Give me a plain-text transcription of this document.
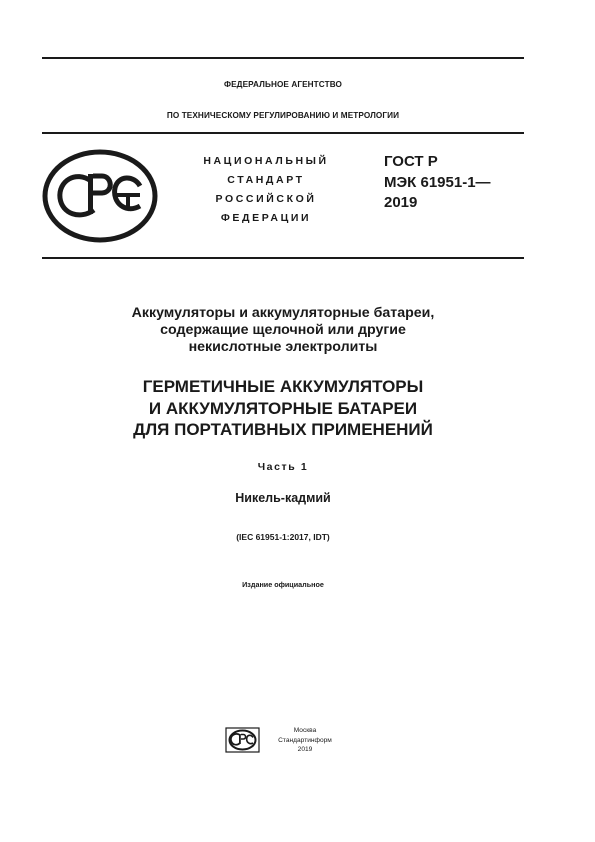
ФЕДЕРАЛЬНОЕ АГЕНТСТВО
ПО ТЕХНИЧЕСКОМУ РЕГУЛИРОВАНИЮ И МЕТРОЛОГИИ
НАЦИОНАЛЬНЫЙ
СТАНДАРТ
РОССИЙСКОЙ
ФЕДЕРАЦИИ
ГОСТ Р
МЭК 61951-1—
2019
Аккумуляторы и аккумуляторные батареи,
содержащие щелочной или другие
некислотные электролиты
ГЕРМЕТИЧНЫЕ АККУМУЛЯТОРЫ
И АККУМУЛЯТОРНЫЕ БАТАРЕИ
ДЛЯ ПОРТАТИВНЫХ ПРИМЕНЕНИЙ
Часть 1
Никель-кадмий
(IEC 61951-1:2017, IDT)
Издание официальное
Москва
Стандартинформ
2019
